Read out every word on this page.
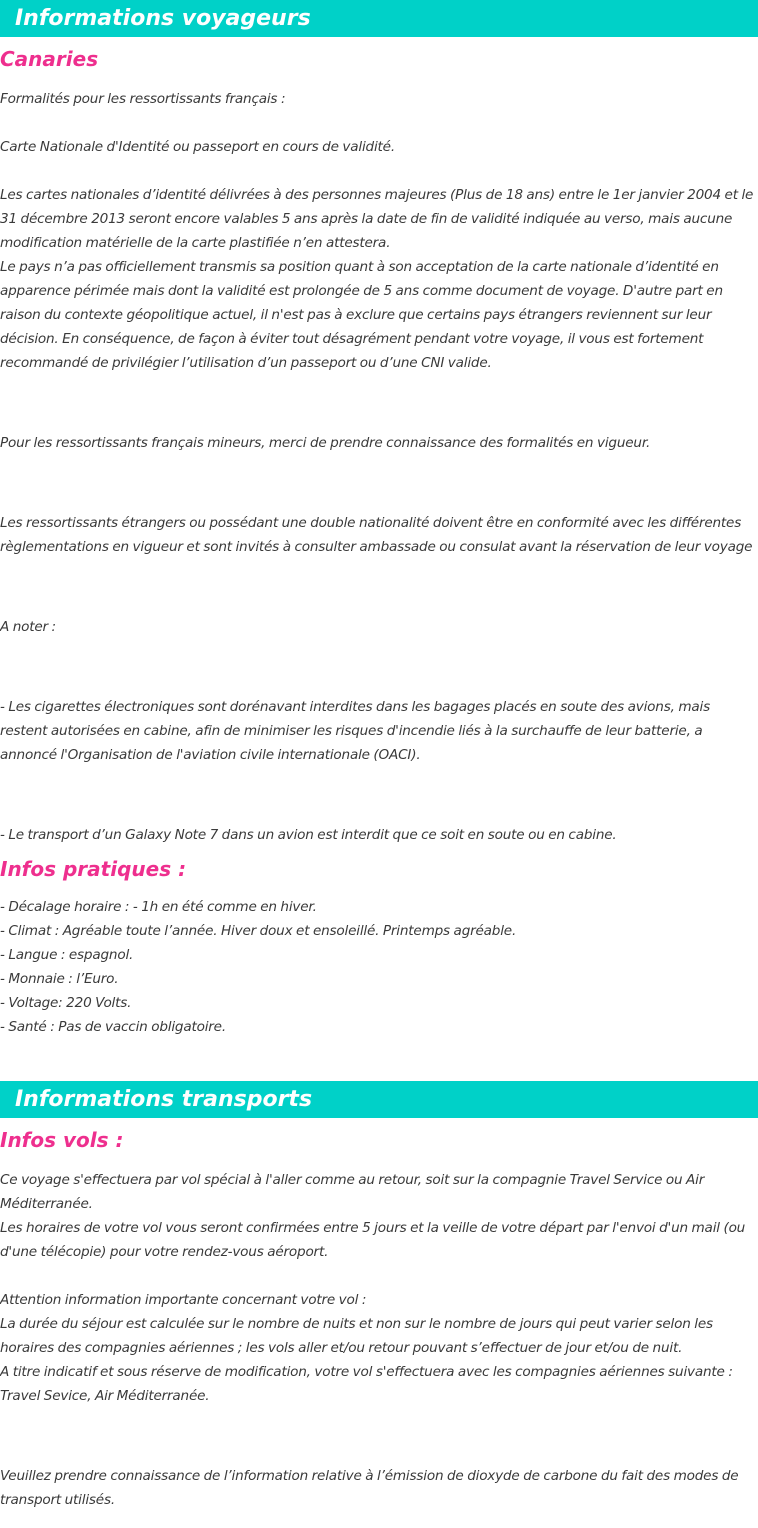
Informations voyageurs
Canaries

Formalités pour les ressortissants français :

Carte Nationale d'Identité ou passeport en cours de validité.

Les cartes nationales d’identité délivrées à des personnes majeures (Plus de 18 ans) entre le 1er janvier 2004 et le 31 décembre 2013 seront encore valables 5 ans après la date de fin de validité indiquée au verso, mais aucune modification matérielle de la carte plastifiée n’en attestera.

Le pays n’a pas officiellement transmis sa position quant à son acceptation de la carte nationale d’identité en apparence périmée mais dont la validité est prolongée de 5 ans comme document de voyage. D'autre part en raison du contexte géopolitique actuel, il n'est pas à exclure que certains pays étrangers reviennent sur leur décision. En conséquence, de façon à éviter tout désagrément pendant votre voyage, il vous est fortement recommandé de privilégier l’utilisation d’un passeport ou d’une CNI valide.

Pour les ressortissants français mineurs, merci de prendre connaissance des formalités en vigueur.

Les ressortissants étrangers ou possédant une double nationalité doivent être en conformité avec les différentes règlementations en vigueur et sont invités à consulter ambassade ou consulat avant la réservation de leur voyage

A noter :

- Les cigarettes électroniques sont dorénavant interdites dans les bagages placés en soute des avions, mais restent autorisées en cabine, afin de minimiser les risques d'incendie liés à la surchauffe de leur batterie, a annoncé l'Organisation de l'aviation civile internationale (OACI).

- Le transport d’un Galaxy Note 7 dans un avion est interdit que ce soit en soute ou en cabine.

Infos pratiques :

- Décalage horaire : - 1h en été comme en hiver.

- Climat : Agréable toute l’année. Hiver doux et ensoleillé. Printemps agréable.

- Langue : espagnol.

- Monnaie : l’Euro.

- Voltage: 220 Volts.

- Santé : Pas de vaccin obligatoire.

Informations transports
Infos vols :

Ce voyage s'effectuera par vol spécial à l'aller comme au retour, soit sur la compagnie Travel Service ou Air Méditerranée.

Les horaires de votre vol vous seront confirmées entre 5 jours et la veille de votre départ par l'envoi d'un mail (ou d'une télécopie) pour votre rendez-vous aéroport.

Attention information importante concernant votre vol :

La durée du séjour est calculée sur le nombre de nuits et non sur le nombre de jours qui peut varier selon les horaires des compagnies aériennes ; les vols aller et/ou retour pouvant s’effectuer de jour et/ou de nuit.

A titre indicatif et sous réserve de modification, votre vol s'effectuera avec les compagnies aériennes suivante : Travel Sevice, Air Méditerranée.

Veuillez prendre connaissance de l’information relative à l’émission de dioxyde de carbone du fait des modes de transport utilisés.
